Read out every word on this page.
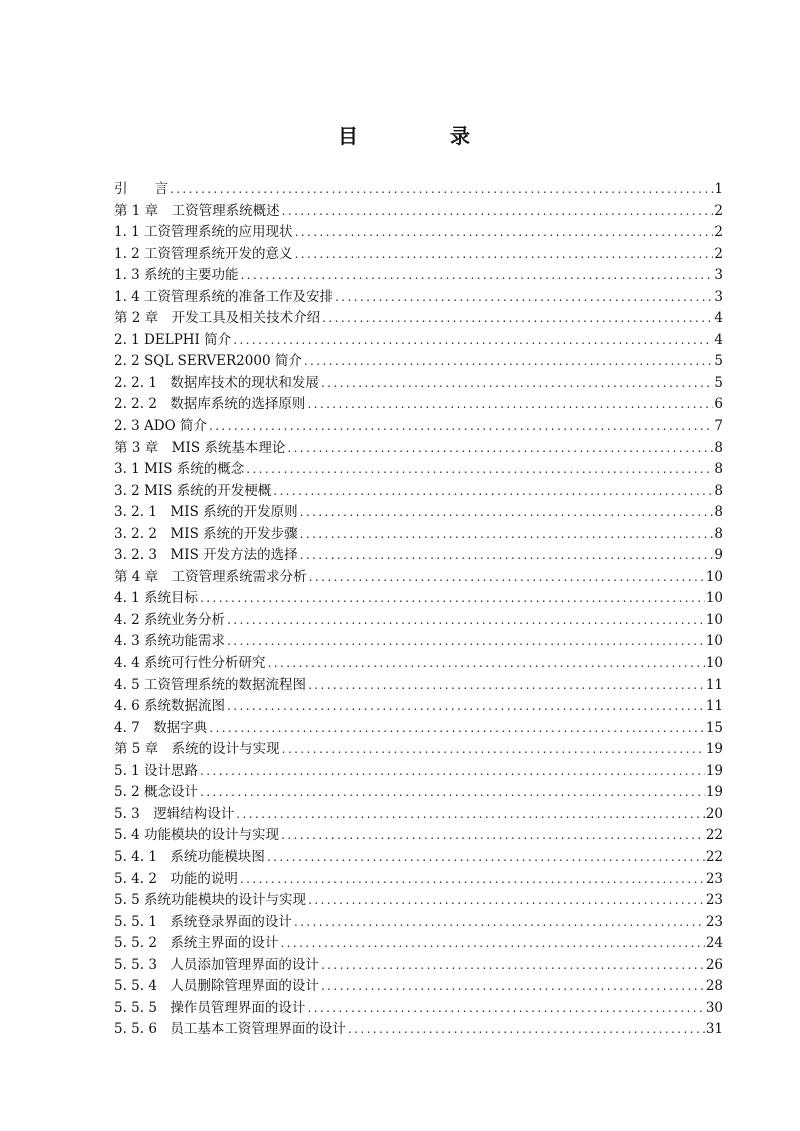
目　录
引　　言 .....	1
第 1 章　工资管理系统概述 .....	2
1. 1 工资管理系统的应用现状 .....	2
1. 2 工资管理系统开发的意义 .....	2
1. 3 系统的主要功能 .....	3
1. 4 工资管理系统的准备工作及安排 .....	3
第 2 章　开发工具及相关技术介绍 .....	4
2. 1 DELPHI 简介 .....	4
2. 2 SQL SERVER2000 简介 .....	5
2. 2. 1　数据库技术的现状和发展 .....	5
2. 2. 2　数据库系统的选择原则 .....	6
2. 3 ADO 简介 .....	7
第 3 章　MIS 系统基本理论 .....	8
3. 1 MIS 系统的概念 .....	8
3. 2 MIS 系统的开发梗概 .....	8
3. 2. 1　MIS 系统的开发原则 .....	8
3. 2. 2　MIS 系统的开发步骤 .....	8
3. 2. 3　MIS 开发方法的选择 .....	9
第 4 章　工资管理系统需求分析 .....	10
4. 1 系统目标 .....	10
4. 2 系统业务分析 .....	10
4. 3 系统功能需求 .....	10
4. 4 系统可行性分析研究 .....	10
4. 5 工资管理系统的数据流程图 .....	11
4. 6 系统数据流图 .....	11
4. 7　数据字典 .....	15
第 5 章　系统的设计与实现 .....	19
5. 1 设计思路 .....	19
5. 2 概念设计 .....	19
5. 3　逻辑结构设计 .....	20
5. 4 功能模块的设计与实现 .....	22
5. 4. 1　系统功能模块图 .....	22
5. 4. 2　功能的说明 .....	23
5. 5 系统功能模块的设计与实现 .....	23
5. 5. 1　系统登录界面的设计 .....	23
5. 5. 2　系统主界面的设计 .....	24
5. 5. 3　人员添加管理界面的设计 .....	26
5. 5. 4　人员删除管理界面的设计 .....	28
5. 5. 5　操作员管理界面的设计 .....	30
5. 5. 6　员工基本工资管理界面的设计 .....	31
